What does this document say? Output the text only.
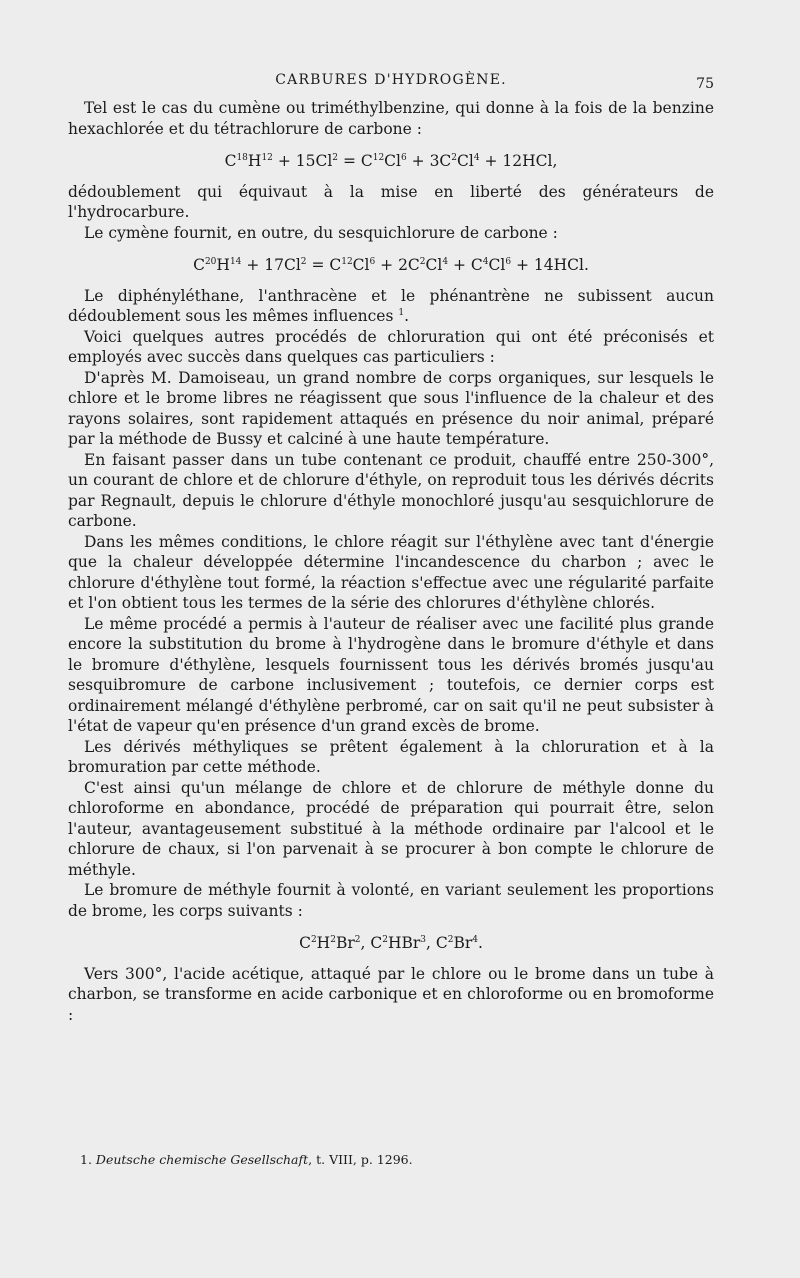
CARBURES D'HYDROGÈNE.	75

Tel est le cas du cumène ou triméthylbenzine, qui donne à la fois de la benzine hexachlorée et du tétrachlorure de carbone :

$C^{18}H^{12} + 15Cl^2 = C^{12}Cl^6 + 3C^2Cl^4 + 12HCl$,

dédoublement qui équivaut à la mise en liberté des générateurs de l'hydrocarbure.

Le cymène fournit, en outre, du sesquichlorure de carbone :

$C^{20}H^{14} + 17Cl^2 = C^{12}Cl^6 + 2C^2Cl^4 + C^4Cl^6 + 14HCl$.

Le diphényléthane, l'anthracène et le phénantrène ne subissent aucun dédoublement sous les mêmes influences $^1$.

Voici quelques autres procédés de chloruration qui ont été préconisés et employés avec succès dans quelques cas particuliers :

D'après M. Damoiseau, un grand nombre de corps organiques, sur lesquels le chlore et le brome libres ne réagissent que sous l'influence de la chaleur et des rayons solaires, sont rapidement attaqués en présence du noir animal, préparé par la méthode de Bussy et calciné à une haute température.

En faisant passer dans un tube contenant ce produit, chauffé entre 250-300°, un courant de chlore et de chlorure d'éthyle, on reproduit tous les dérivés décrits par Regnault, depuis le chlorure d'éthyle monochloré jusqu'au sesquichlorure de carbone.

Dans les mêmes conditions, le chlore réagit sur l'éthylène avec tant d'énergie que la chaleur développée détermine l'incandescence du charbon ; avec le chlorure d'éthylène tout formé, la réaction s'effectue avec une régularité parfaite et l'on obtient tous les termes de la série des chlorures d'éthylène chlorés.

Le même procédé a permis à l'auteur de réaliser avec une facilité plus grande encore la substitution du brome à l'hydrogène dans le bromure d'éthyle et dans le bromure d'éthylène, lesquels fournissent tous les dérivés bromés jusqu'au sesquibromure de carbone inclusivement ; toutefois, ce dernier corps est ordinairement mélangé d'éthylène perbromé, car on sait qu'il ne peut subsister à l'état de vapeur qu'en présence d'un grand excès de brome.

Les dérivés méthyliques se prêtent également à la chloruration et à la bromuration par cette méthode.

C'est ainsi qu'un mélange de chlore et de chlorure de méthyle donne du chloroforme en abondance, procédé de préparation qui pourrait être, selon l'auteur, avantageusement substitué à la méthode ordinaire par l'alcool et le chlorure de chaux, si l'on parvenait à se procurer à bon compte le chlorure de méthyle.

Le bromure de méthyle fournit à volonté, en variant seulement les proportions de brome, les corps suivants :

$C^2H^2Br^2$, $C^2HBr^3$, $C^2Br^4$.

Vers 300°, l'acide acétique, attaqué par le chlore ou le brome dans un tube à charbon, se transforme en acide carbonique et en chloroforme ou en bromoforme :

1. Deutsche chemische Gesellschaft, t. VIII, p. 1296.
